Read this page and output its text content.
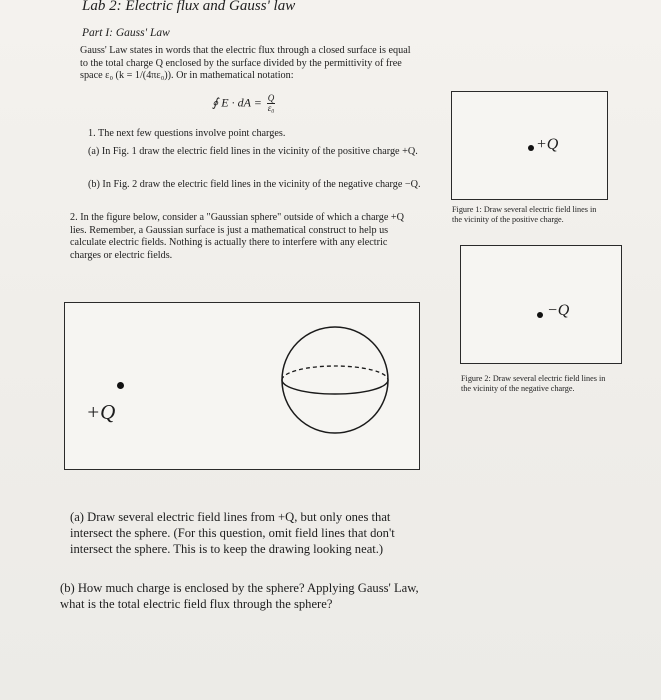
Lab 2: Electric flux and Gauss' law
Part I: Gauss' Law
Gauss' Law states in words that the electric flux through a closed surface is equal to the total charge Q enclosed by the surface divided by the permittivity of free space ε₀ (k = 1/(4πε₀)). Or in mathematical notation:
∮ E · dA = $\frac{Q}{\text{ε₀}}$
1. The next few questions involve point charges.
(a) In Fig. 1 draw the electric field lines in the vicinity of the positive charge +Q.
(b) In Fig. 2 draw the electric field lines in the vicinity of the negative charge −Q.
2. In the figure below, consider a "Gaussian sphere" outside of which a charge +Q lies. Remember, a Gaussian surface is just a mathematical construct to help us calculate electric fields. Nothing is actually there to interfere with any electric charges or electric fields.
+Q
Figure 1: Draw several electric field lines in the vicinity of the positive charge.
−Q
Figure 2: Draw several electric field lines in the vicinity of the negative charge.
+Q
(a) Draw several electric field lines from +Q, but only ones that intersect the sphere. (For this question, omit field lines that don't intersect the sphere. This is to keep the drawing looking neat.)
(b) How much charge is enclosed by the sphere? Applying Gauss' Law, what is the total electric field flux through the sphere?
